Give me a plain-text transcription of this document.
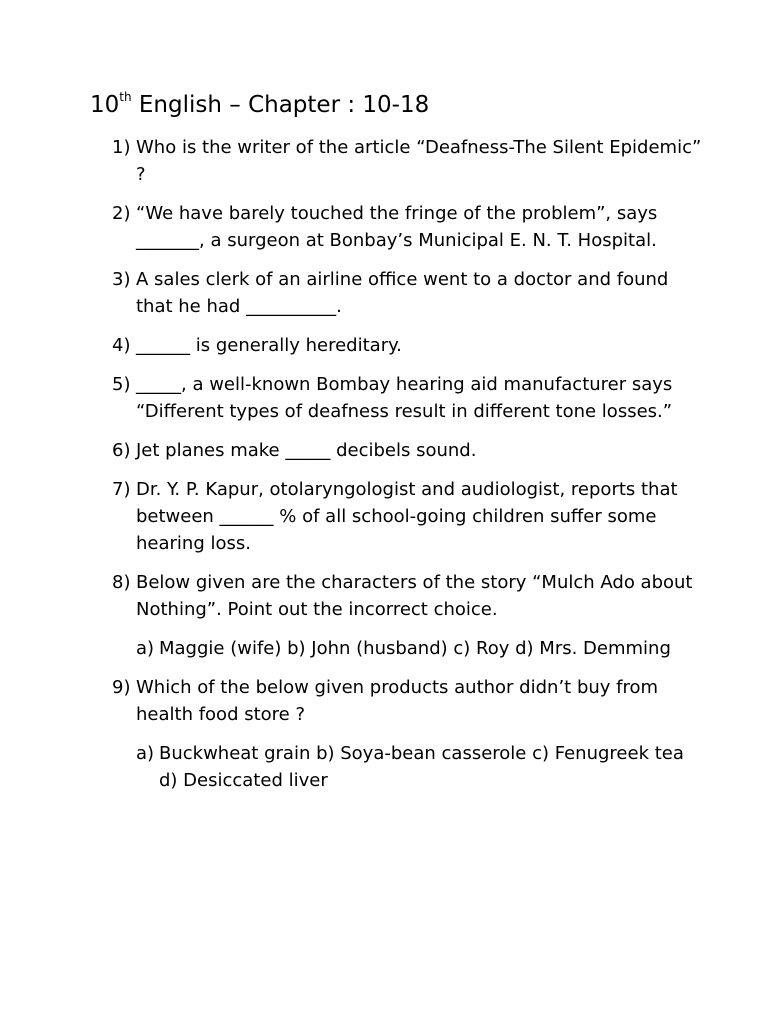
10th English – Chapter : 10-18
1) Who is the writer of the article “Deafness-The Silent Epidemic” ?
2) “We have barely touched the fringe of the problem”, says _______, a surgeon at Bonbay’s Municipal E. N. T. Hospital.
3) A sales clerk of an airline office went to a doctor and found that he had __________.
4) ______ is generally hereditary.
5) _____, a well-known Bombay hearing aid manufacturer says “Different types of deafness result in different tone losses.”
6) Jet planes make _____ decibels sound.
7) Dr. Y. P. Kapur, otolaryngologist and audiologist, reports that between ______ % of all school-going children suffer some hearing loss.
8) Below given are the characters of the story “Mulch Ado about Nothing”. Point out the incorrect choice.
a) Maggie (wife) b) John (husband) c) Roy d) Mrs. Demming
9) Which of the below given products author didn’t buy from health food store ?
a) Buckwheat grain b) Soya-bean casserole c) Fenugreek tea d) Desiccated liver
